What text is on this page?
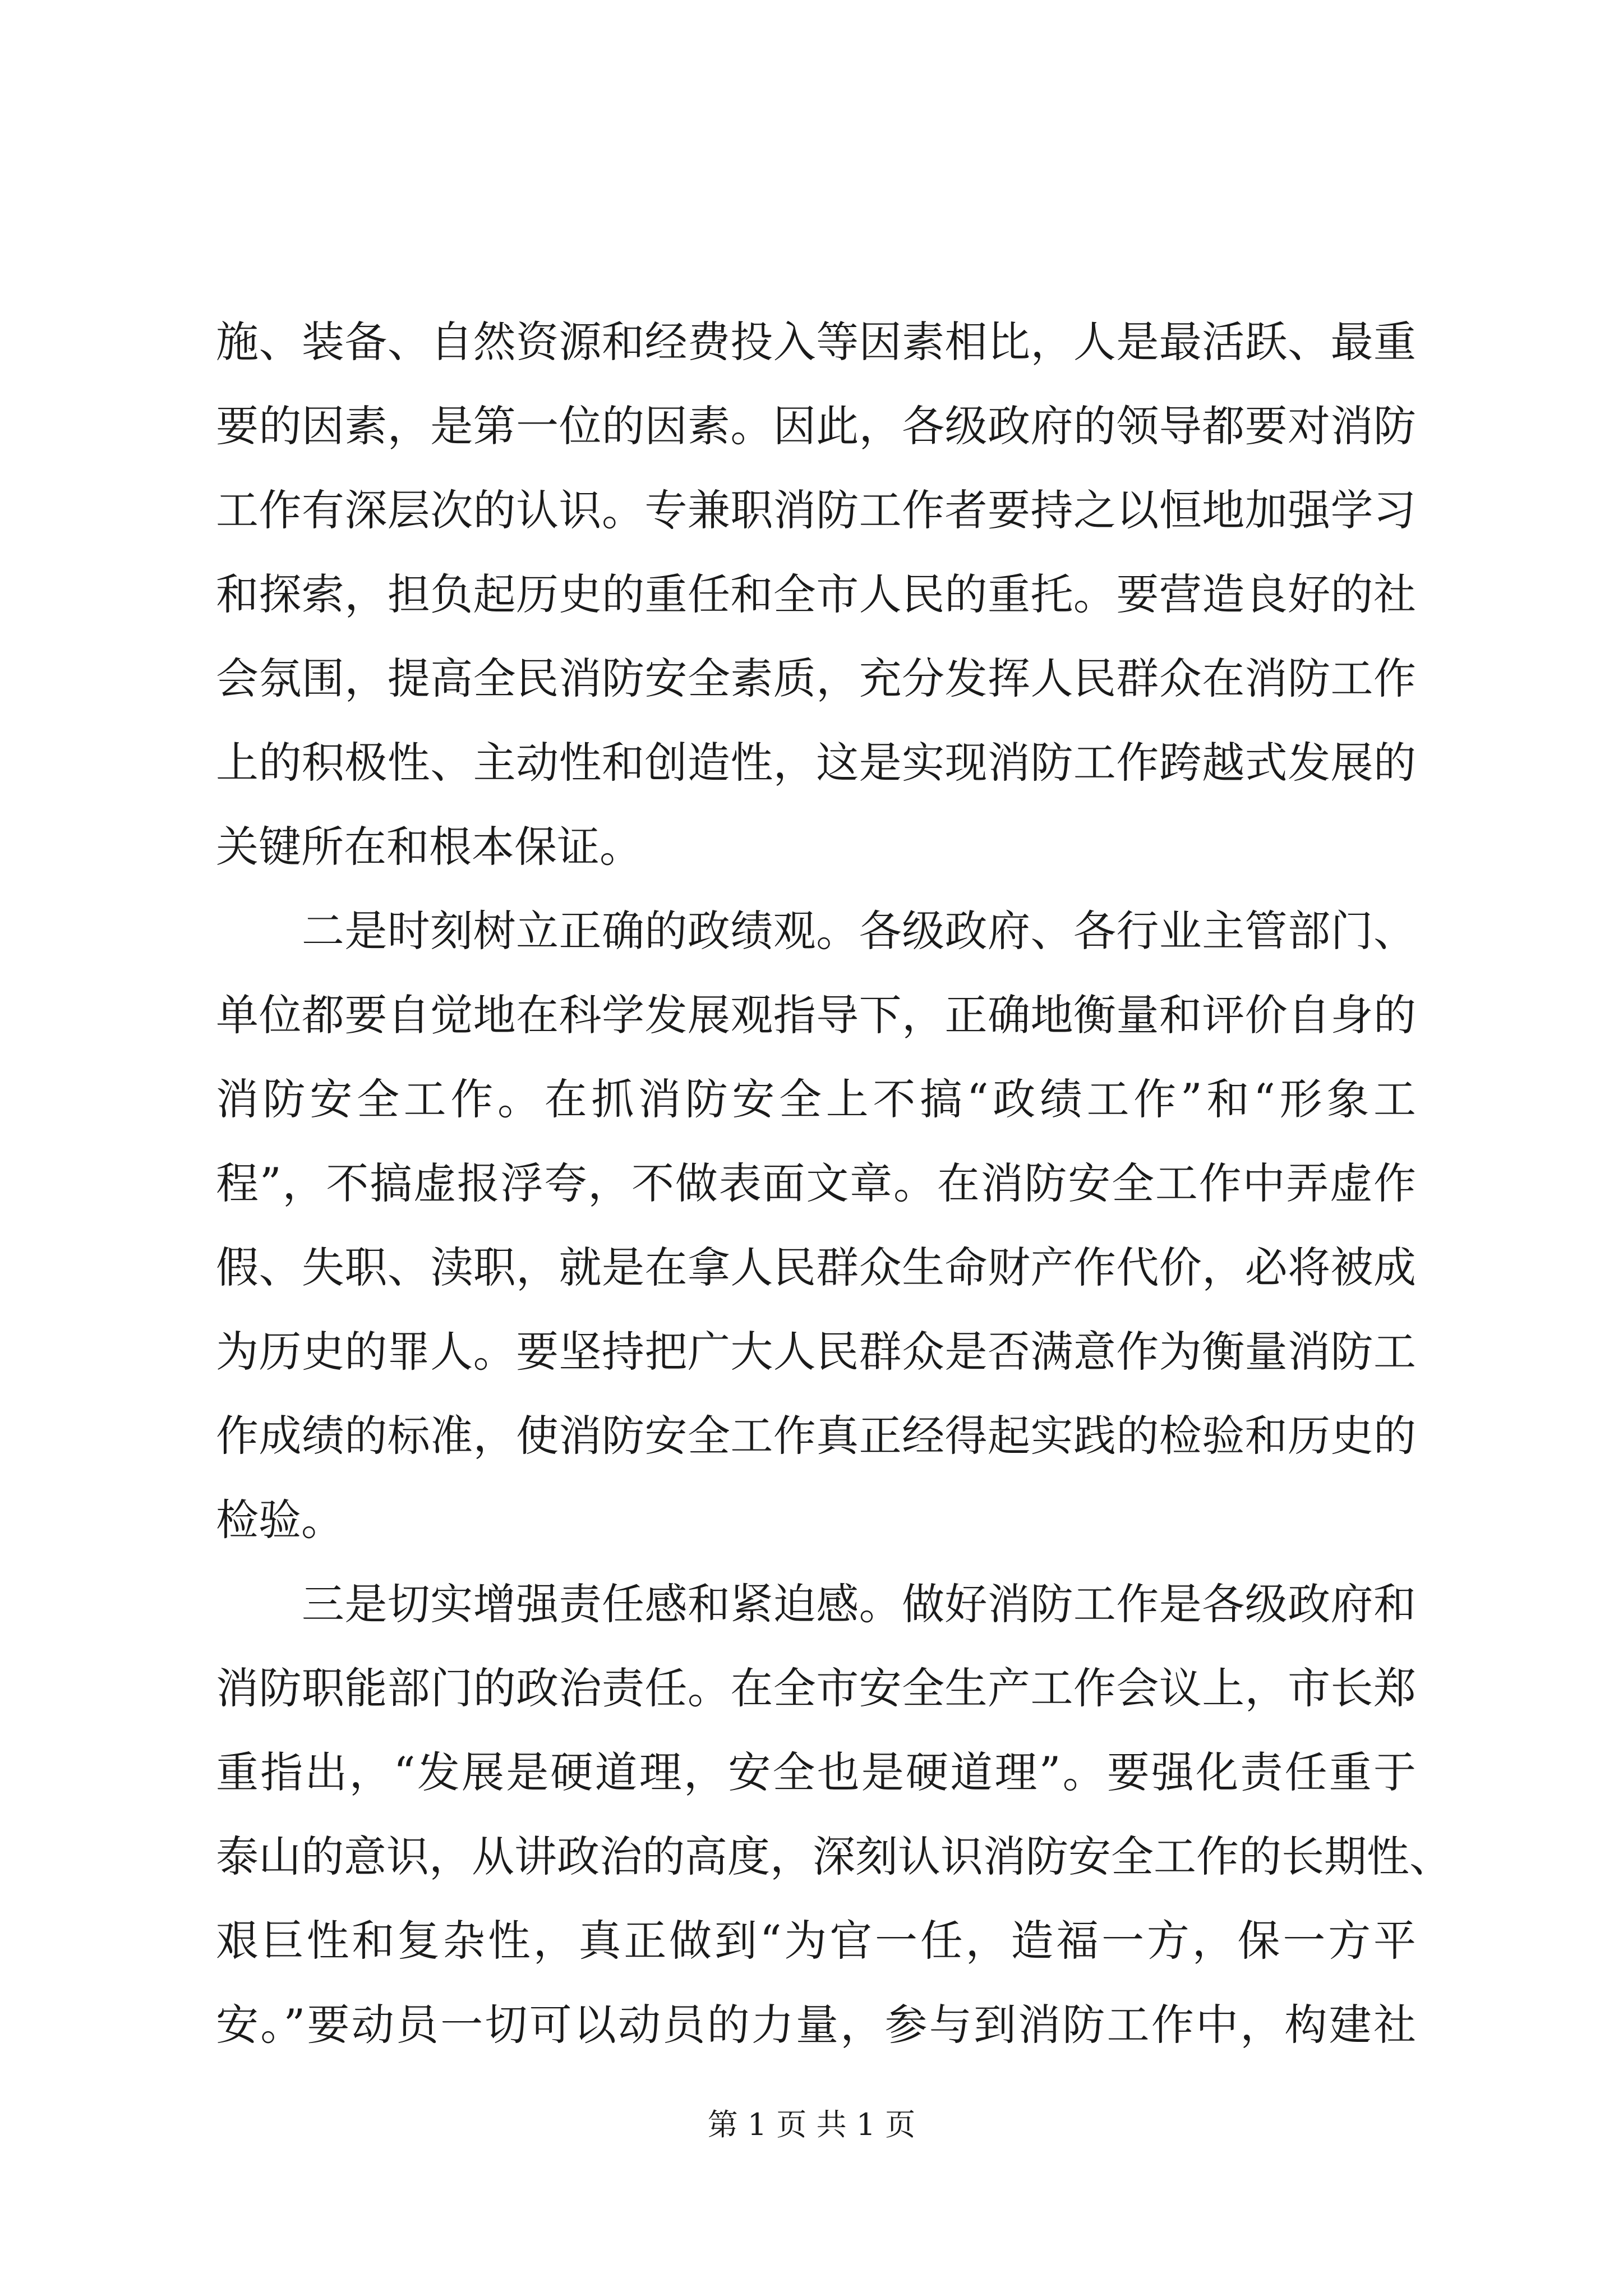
施、装备、自然资源和经费投入等因素相比，人是最活跃、最重
要的因素，是第一位的因素。因此，各级政府的领导都要对消防
工作有深层次的认识。专兼职消防工作者要持之以恒地加强学习
和探索，担负起历史的重任和全市人民的重托。要营造良好的社
会氛围，提高全民消防安全素质，充分发挥人民群众在消防工作
上的积极性、主动性和创造性，这是实现消防工作跨越式发展的
关键所在和根本保证。
　　二是时刻树立正确的政绩观。各级政府、各行业主管部门、
单位都要自觉地在科学发展观指导下，正确地衡量和评价自身的
消防安全工作。在抓消防安全上不搞“政绩工作”和“形象工
程”，不搞虚报浮夸，不做表面文章。在消防安全工作中弄虚作
假、失职、渎职，就是在拿人民群众生命财产作代价，必将被成
为历史的罪人。要坚持把广大人民群众是否满意作为衡量消防工
作成绩的标准，使消防安全工作真正经得起实践的检验和历史的
检验。
　　三是切实增强责任感和紧迫感。做好消防工作是各级政府和
消防职能部门的政治责任。在全市安全生产工作会议上，市长郑
重指出，“发展是硬道理，安全也是硬道理”。要强化责任重于
泰山的意识，从讲政治的高度，深刻认识消防安全工作的长期性、
艰巨性和复杂性，真正做到“为官一任，造福一方，保一方平
安。”要动员一切可以动员的力量，参与到消防工作中，构建社
第 1 页 共 1 页
